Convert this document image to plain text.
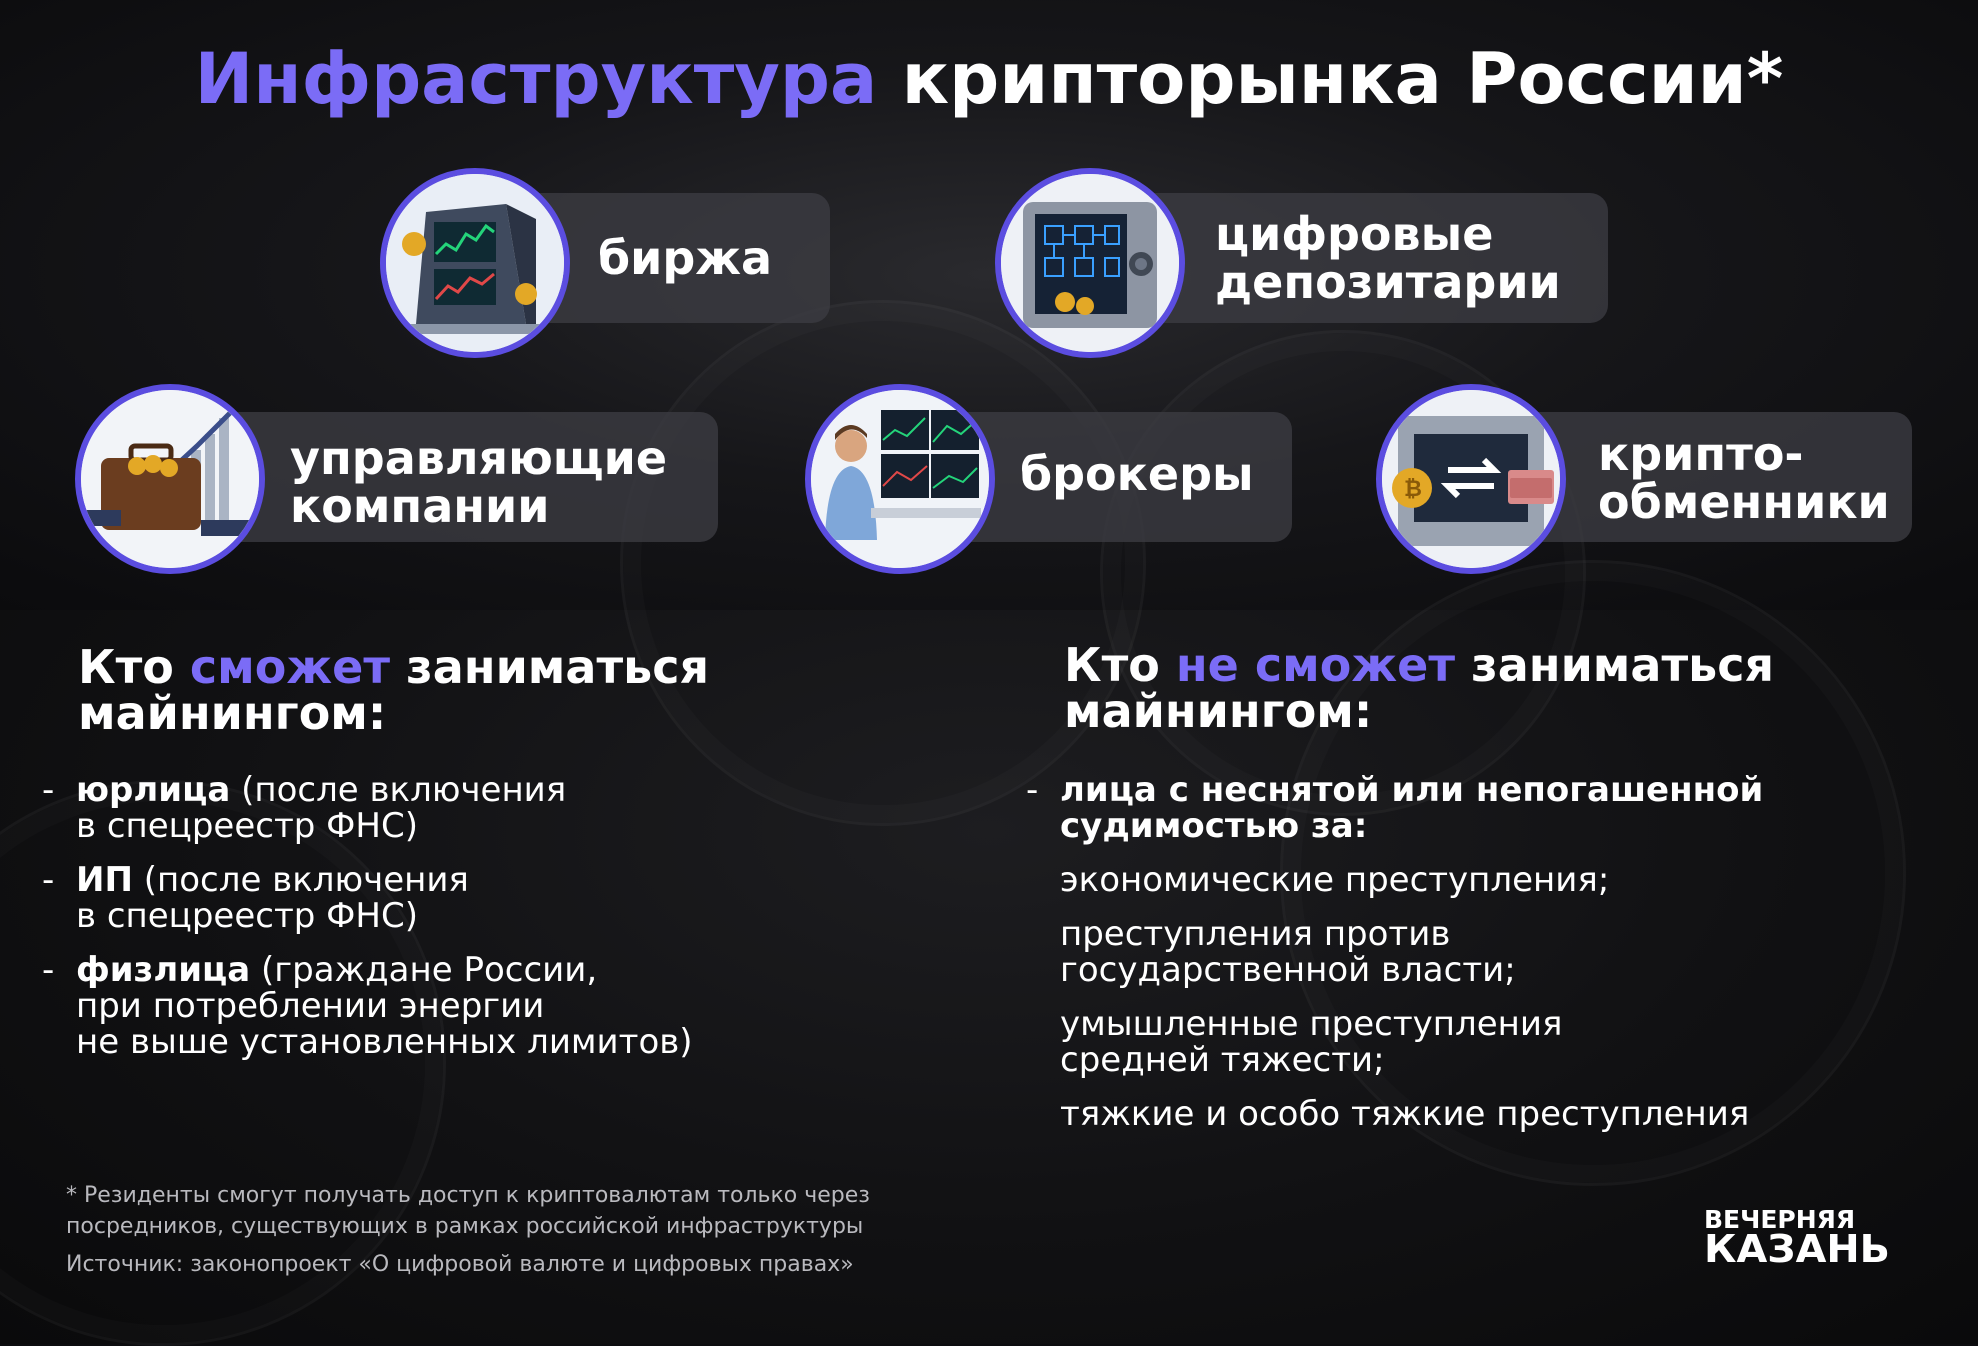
Инфраструктура крипторынка России*
биржа	цифровые
депозитарии
управляющие
компании
брокеры	крипто-
обменники
₿
Кто сможет заниматься
майнингом:
- юрлица (после включения
в спецреестр ФНС)
- ИП (после включения
в спецреестр ФНС)
- физлица (граждане России,
при потреблении энергии
не выше установленных лимитов)
Кто не сможет заниматься
майнингом:
- лица с неснятой или непогашенной
судимостью за:
экономические преступления;
преступления против
государственной власти;
умышленные преступления
средней тяжести;
тяжкие и особо тяжкие преступления
* Резиденты смогут получать доступ к криптовалютам только через
посредников, существующих в рамках российской инфраструктуры
Источник: законопроект «О цифровой валюте и цифровых правах»
ВЕЧЕРНЯЯ
КАЗАНЬ
